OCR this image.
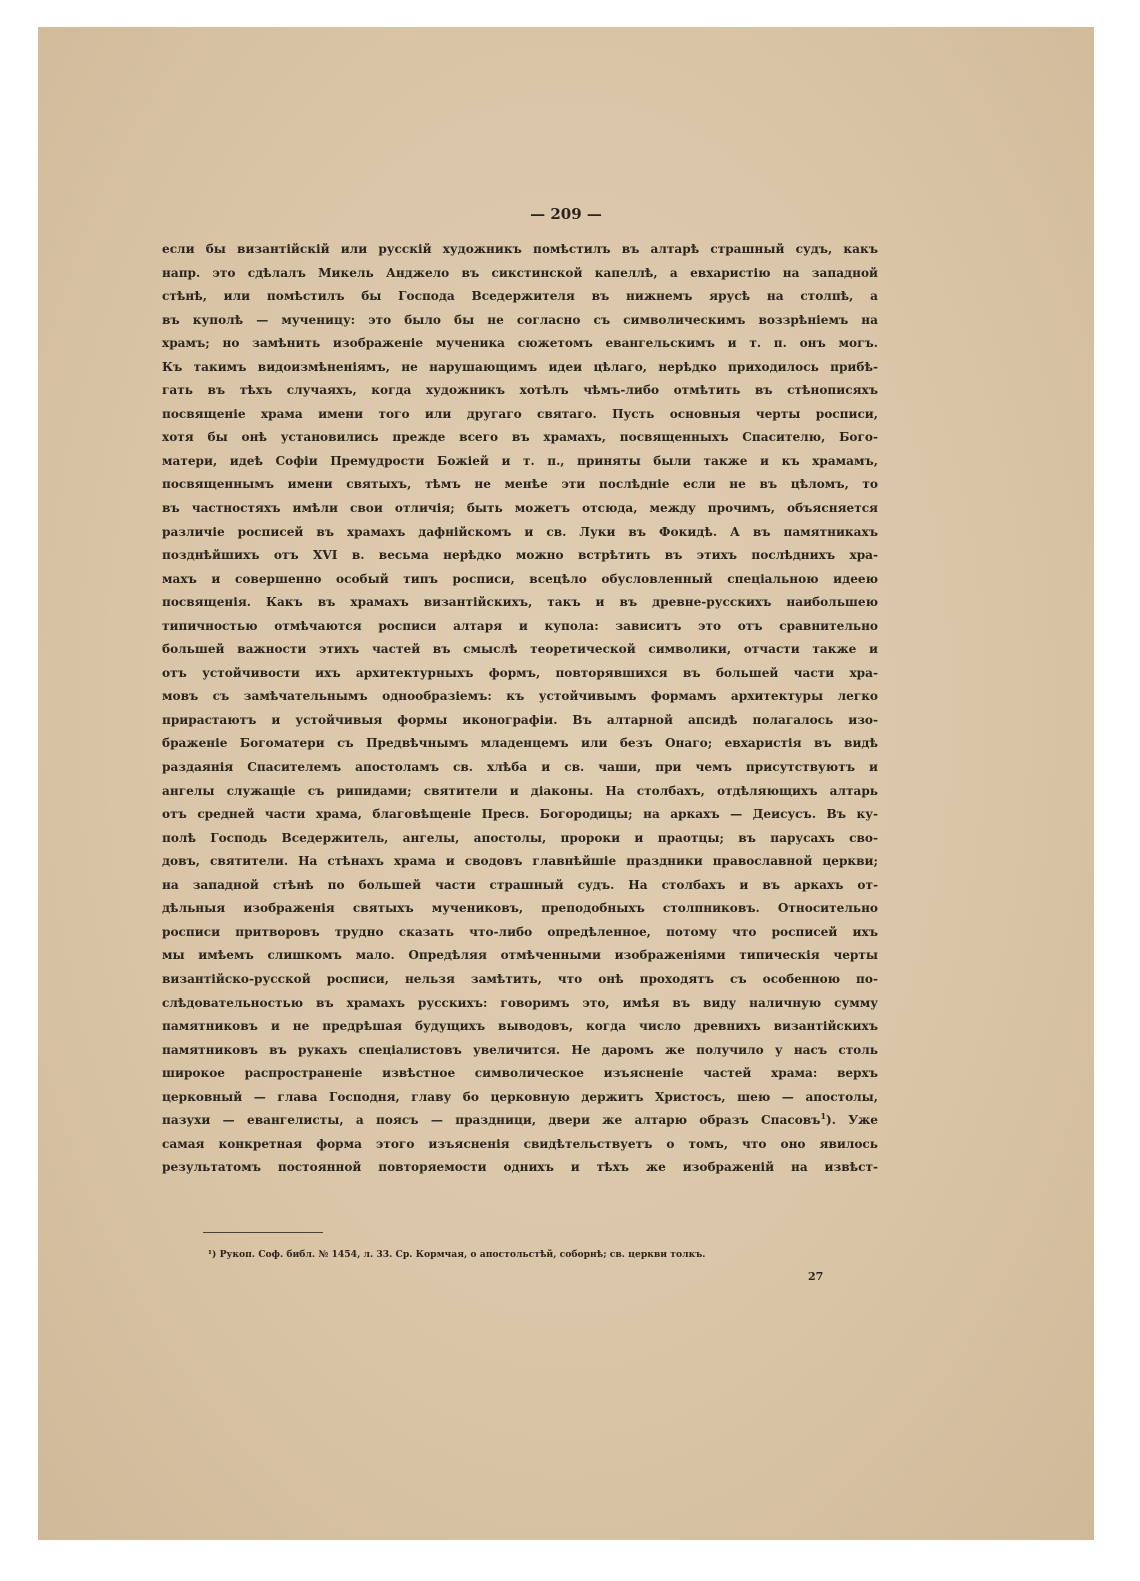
— 209 —
если бы византійскій или русскій художникъ помѣстилъ въ алтарѣ страшный судъ, какъ
напр. это сдѣлалъ Микель Анджело въ сикстинской капеллѣ, а евхаристію на западной
стѣнѣ, или помѣстилъ бы Господа Вседержителя въ нижнемъ ярусѣ на столпѣ, а
въ куполѣ — мученицу: это было бы не согласно съ символическимъ воззрѣніемъ на
храмъ; но замѣнить изображеніе мученика сюжетомъ евангельскимъ и т. п. онъ могъ.
Къ такимъ видоизмѣненіямъ, не нарушающимъ идеи цѣлаго, нерѣдко приходилось прибѣ-
гать въ тѣхъ случаяхъ, когда художникъ хотѣлъ чѣмъ-либо отмѣтить въ стѣнописяхъ
посвященіе храма имени того или другаго святаго. Пусть основныя черты росписи,
хотя бы онѣ установились прежде всего въ храмахъ, посвященныхъ Спасителю, Бого-
матери, идеѣ Софіи Премудрости Божіей и т. п., приняты были также и къ храмамъ,
посвященнымъ имени святыхъ, тѣмъ не менѣе эти послѣдніе если не въ цѣломъ, то
въ частностяхъ имѣли свои отличія; быть можетъ отсюда, между прочимъ, объясняется
различіе росписей въ храмахъ дафнійскомъ и св. Луки въ Фокидѣ. А въ памятникахъ
позднѣйшихъ отъ XVI в. весьма нерѣдко можно встрѣтить въ этихъ послѣднихъ хра-
махъ и совершенно особый типъ росписи, всецѣло обусловленный спеціальною идеею
посвященія. Какъ въ храмахъ византійскихъ, такъ и въ древне-русскихъ наибольшею
типичностью отмѣчаются росписи алтаря и купола: зависитъ это отъ сравнительно
большей важности этихъ частей въ смыслѣ теоретической символики, отчасти также и
отъ устойчивости ихъ архитектурныхъ формъ, повторявшихся въ большей части хра-
мовъ съ замѣчательнымъ однообразіемъ: къ устойчивымъ формамъ архитектуры легко
прирастаютъ и устойчивыя формы иконографіи. Въ алтарной апсидѣ полагалось изо-
браженіе Богоматери съ Предвѣчнымъ младенцемъ или безъ Онаго; евхаристія въ видѣ
раздаянія Спасителемъ апостоламъ св. хлѣба и св. чаши, при чемъ присутствуютъ и
ангелы служащіе съ рипидами; святители и діаконы. На столбахъ, отдѣляющихъ алтарь
отъ средней части храма, благовѣщеніе Пресв. Богородицы; на аркахъ — Деисусъ. Въ ку-
полѣ Господь Вседержитель, ангелы, апостолы, пророки и праотцы; въ парусахъ сво-
довъ, святители. На стѣнахъ храма и сводовъ главнѣйшіе праздники православной церкви;
на западной стѣнѣ по большей части страшный судъ. На столбахъ и въ аркахъ от-
дѣльныя изображенія святыхъ мучениковъ, преподобныхъ столпниковъ. Относительно
росписи притворовъ трудно сказать что-либо опредѣленное, потому что росписей ихъ
мы имѣемъ слишкомъ мало. Опредѣляя отмѣченными изображеніями типическія черты
византійско-русской росписи, нельзя замѣтить, что онѣ проходятъ съ особенною по-
слѣдовательностью въ храмахъ русскихъ: говоримъ это, имѣя въ виду наличную сумму
памятниковъ и не предрѣшая будущихъ выводовъ, когда число древнихъ византійскихъ
памятниковъ въ рукахъ спеціалистовъ увеличится. Не даромъ же получило у насъ столь
широкое распространеніе извѣстное символическое изъясненіе частей храма: верхъ
церковный — глава Господня, главу бо церковную держитъ Христосъ, шею — апостолы,
пазухи — евангелисты, а поясъ — праздници, двери же алтарю образъ Спасовъ$^1$). Уже
самая конкретная форма этого изъясненія свидѣтельствуетъ о томъ, что оно явилось
результатомъ постоянной повторяемости однихъ и тѣхъ же изображеній на извѣст-
¹) Рукоп. Соф. библ. № 1454, л. 33. Ср. Кормчая, о апостольстѣй, соборнѣ; св. церкви толкъ.
27
